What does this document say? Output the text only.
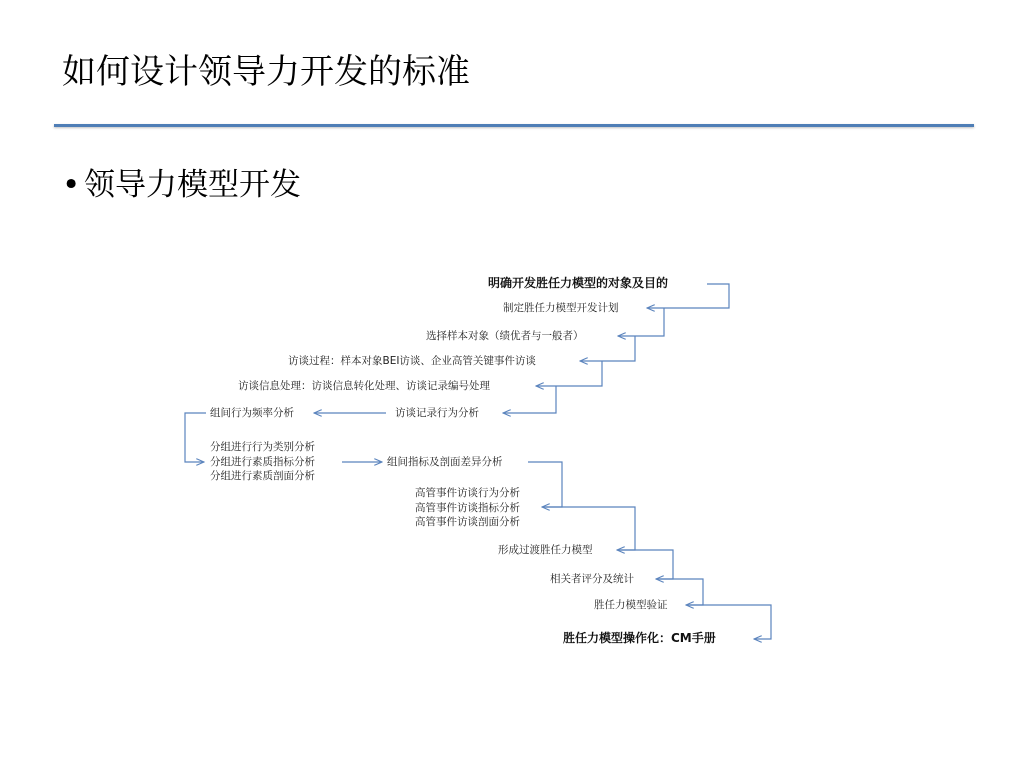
如何设计领导力开发的标准
• 领导力模型开发
明确开发胜任力模型的对象及目的
制定胜任力模型开发计划
选择样本对象（绩优者与一般者）
访谈过程：样本对象BEI访谈、企业高管关键事件访谈
访谈信息处理：访谈信息转化处理、访谈记录编号处理
访谈记录行为分析
组间行为频率分析
分组进行行为类别分析
分组进行素质指标分析
分组进行素质剖面分析
组间指标及剖面差异分析
高管事件访谈行为分析
高管事件访谈指标分析
高管事件访谈剖面分析
形成过渡胜任力模型
相关者评分及统计
胜任力模型验证
胜任力模型操作化：CM手册
